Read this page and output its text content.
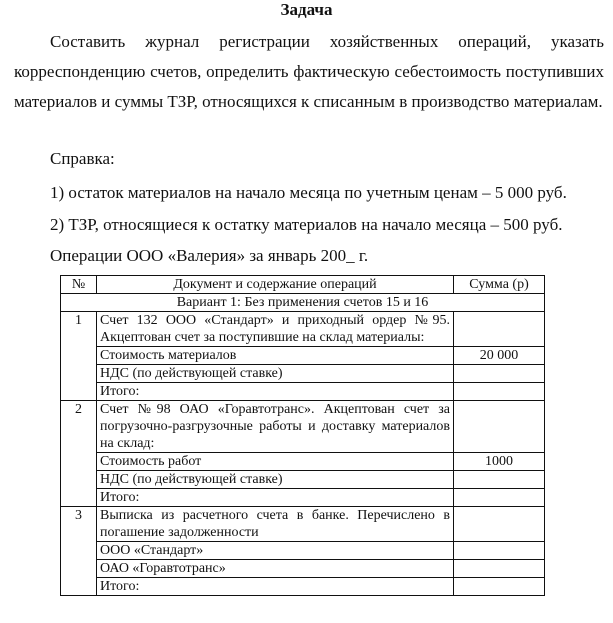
Задача
Составить журнал регистрации хозяйственных операций, указать корреспонденцию счетов, определить фактическую себестоимость поступивших материалов и суммы ТЗР, относящихся к списанным в производство материалам.
Справка:
1) остаток материалов на начало месяца по учетным ценам – 5 000 руб.
2) ТЗР, относящиеся к остатку материалов на начало месяца – 500 руб.
Операции ООО «Валерия» за январь 200_ г.
№	Документ и содержание операций	Сумма (р)
Вариант 1: Без применения счетов 15 и 16		
1	Счет 132 ООО «Стандарт» и приходный ордер №95. Акцептован счет за поступившие на склад материалы:	
	Стоимость материалов	20 000
	НДС (по действующей ставке)	
	Итого:	
2	Счет №98 ОАО «Горавтотранс». Акцептован счет за погрузочно-разгрузочные работы и доставку материалов на склад:	
	Стоимость работ	1000
	НДС (по действующей ставке)	
	Итого:	
3	Выписка из расчетного счета в банке. Перечислено в погашение задолженности	
	ООО «Стандарт»	
	ОАО «Горавтотранс»	
	Итого:	
